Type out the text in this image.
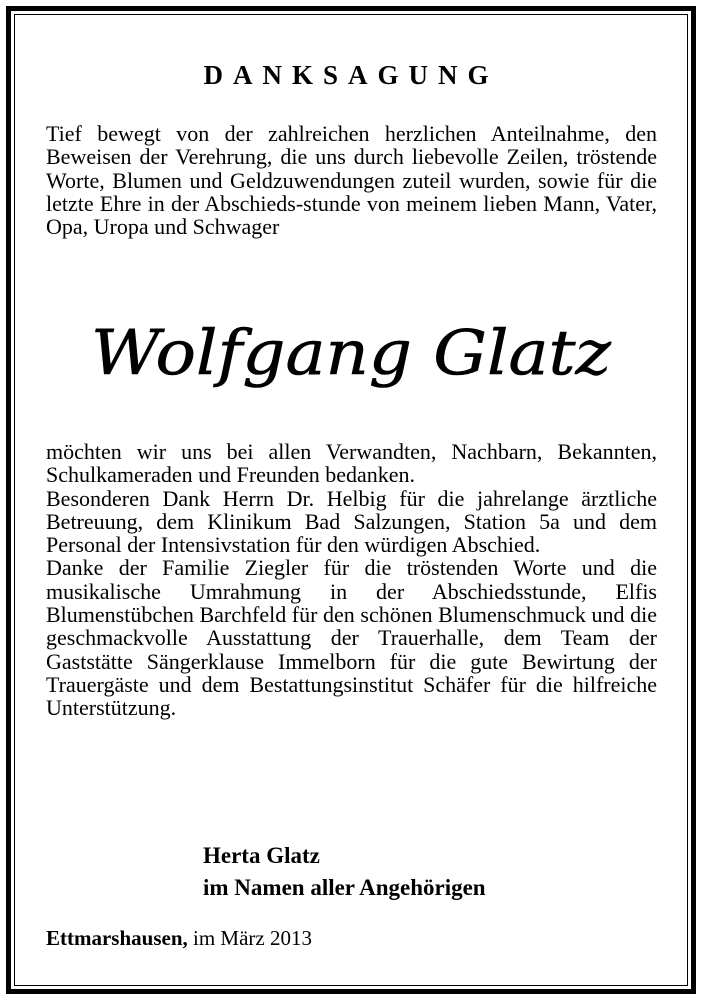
DANKSAGUNG

Tief bewegt von der zahlreichen herzlichen Anteilnahme, den Beweisen der Verehrung, die uns durch liebevolle Zeilen, tröstende Worte, Blumen und Geldzuwendungen zuteil wurden, sowie für die letzte Ehre in der Abschieds-stunde von meinem lieben Mann, Vater, Opa, Uropa und Schwager

Wolfgang Glatz

möchten wir uns bei allen Verwandten, Nachbarn, Bekannten, Schulkameraden und Freunden bedanken.

Besonderen Dank Herrn Dr. Helbig für die jahrelange ärztliche Betreuung, dem Klinikum Bad Salzungen, Station 5a und dem Personal der Intensivstation für den würdigen Abschied.

Danke der Familie Ziegler für die tröstenden Worte und die musikalische Umrahmung in der Abschiedsstunde, Elfis Blumenstübchen Barchfeld für den schönen Blumenschmuck und die geschmackvolle Ausstattung der Trauerhalle, dem Team der Gaststätte Sängerklause Immelborn für die gute Bewirtung der Trauergäste und dem Bestattungsinstitut Schäfer für die hilfreiche Unterstützung.

Herta Glatz
im Namen aller Angehörigen
Ettmarshausen, im März 2013
